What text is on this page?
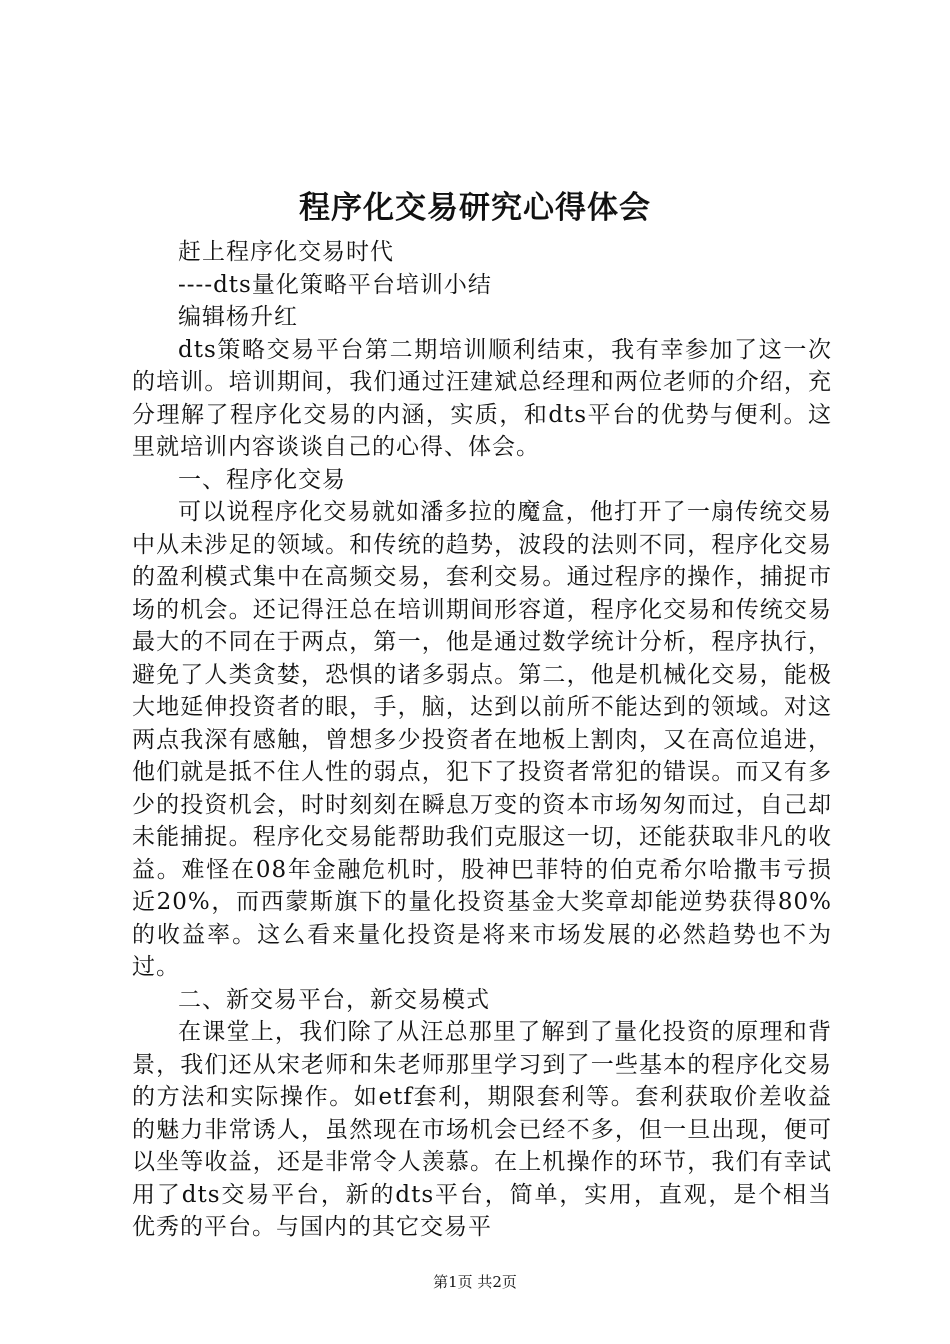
程序化交易研究心得体会

赶上程序化交易时代

----dts量化策略平台培训小结

编辑杨升红

dts策略交易平台第二期培训顺利结束，我有幸参加了这一次的培训。培训期间，我们通过汪建斌总经理和两位老师的介绍，充分理解了程序化交易的内涵，实质，和dts平台的优势与便利。这里就培训内容谈谈自己的心得、体会。

一、程序化交易

可以说程序化交易就如潘多拉的魔盒，他打开了一扇传统交易中从未涉足的领域。和传统的趋势，波段的法则不同，程序化交易的盈利模式集中在高频交易，套利交易。通过程序的操作，捕捉市场的机会。还记得汪总在培训期间形容道，程序化交易和传统交易最大的不同在于两点，第一，他是通过数学统计分析，程序执行，避免了人类贪婪，恐惧的诸多弱点。第二，他是机械化交易，能极大地延伸投资者的眼，手，脑，达到以前所不能达到的领域。对这两点我深有感触，曾想多少投资者在地板上割肉，又在高位追进，他们就是抵不住人性的弱点，犯下了投资者常犯的错误。而又有多少的投资机会，时时刻刻在瞬息万变的资本市场匆匆而过，自己却未能捕捉。程序化交易能帮助我们克服这一切，还能获取非凡的收益。难怪在08年金融危机时，股神巴菲特的伯克希尔哈撒韦亏损近20%，而西蒙斯旗下的量化投资基金大奖章却能逆势获得80%的收益率。这么看来量化投资是将来市场发展的必然趋势也不为过。

二、新交易平台，新交易模式

在课堂上，我们除了从汪总那里了解到了量化投资的原理和背景，我们还从宋老师和朱老师那里学习到了一些基本的程序化交易的方法和实际操作。如etf套利，期限套利等。套利获取价差收益的魅力非常诱人，虽然现在市场机会已经不多，但一旦出现，便可以坐等收益，还是非常令人羡慕。在上机操作的环节，我们有幸试用了dts交易平台，新的dts平台，简单，实用，直观，是个相当优秀的平台。与国内的其它交易平

第1页 共2页
